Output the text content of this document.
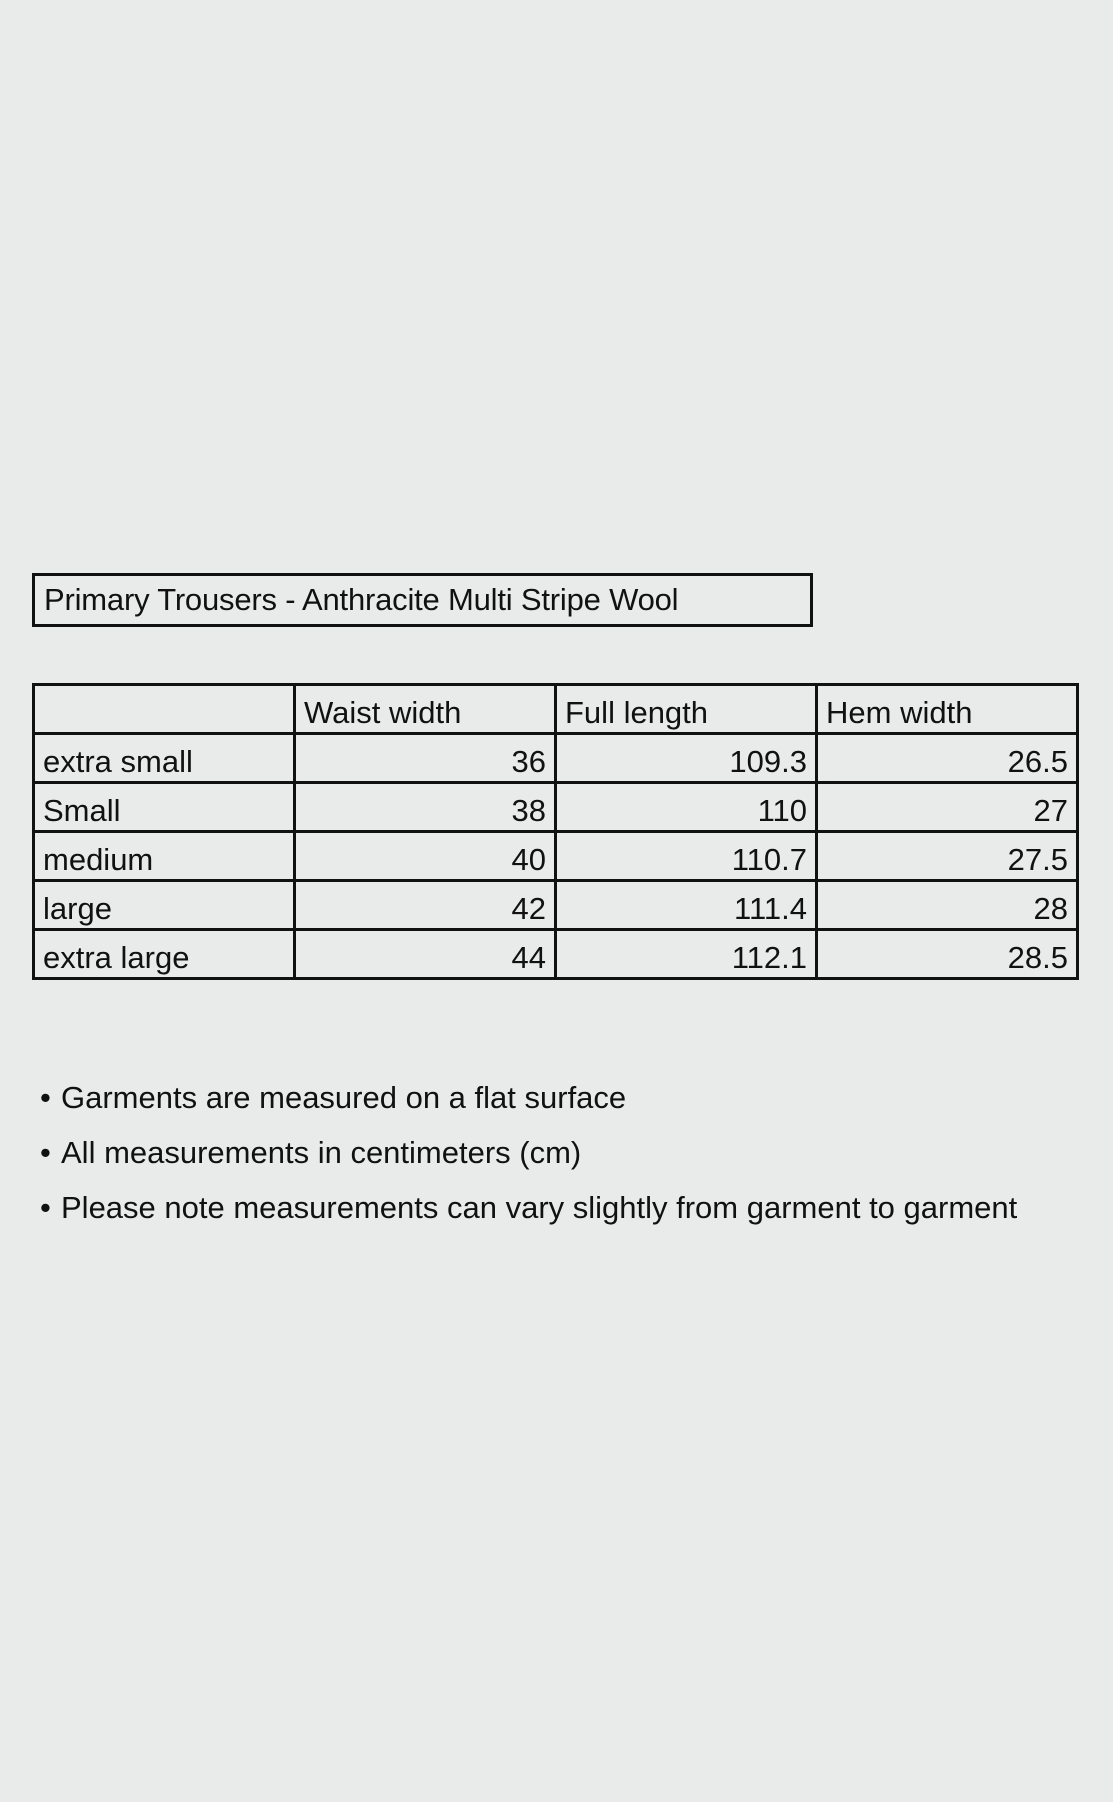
Primary Trousers - Anthracite Multi Stripe Wool
	Waist width	Full length	Hem width
extra small	36	109.3	26.5
Small	38	110	27
medium	40	110.7	27.5
large	42	111.4	28
extra large	44	112.1	28.5
• Garments are measured on a flat surface
• All measurements in centimeters (cm)
• Please note measurements can vary slightly from garment to garment
